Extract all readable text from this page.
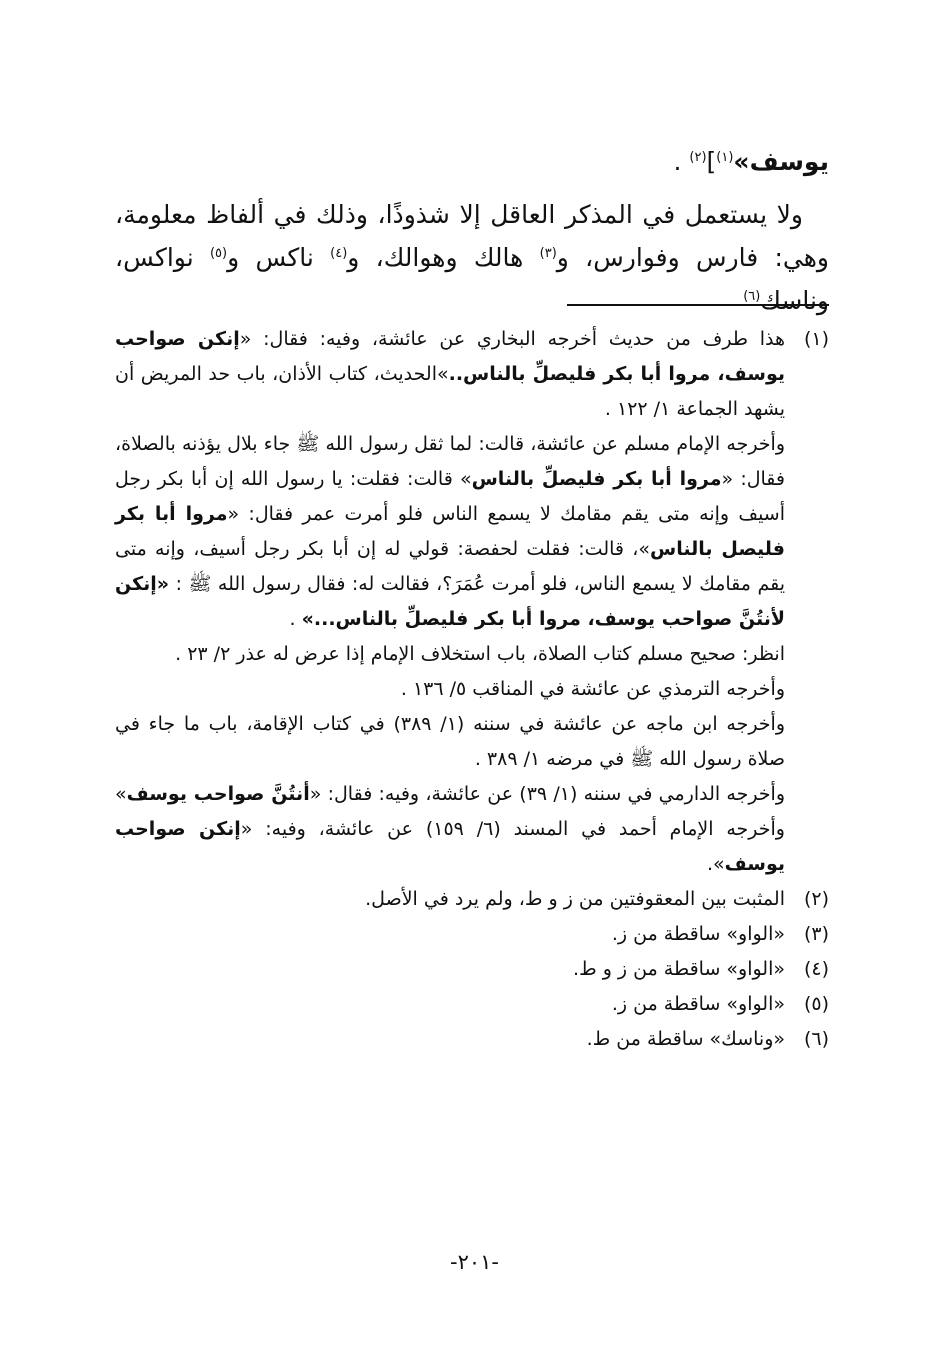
يوسف»$^{(١)}$]$^{(٢)}$ .

ولا يستعمل في المذكر العاقل إلا شذوذًا، وذلك في ألفاظ معلومة، وهي: فارس وفوارس، و$^{(٣)}$ هالك وهوالك، و$^{(٤)}$ ناكس و$^{(٥)}$ نواكس، وناسك$^{(٦)}$

(١)

هذا طرف من حديث أخرجه البخاري عن عائشة، وفيه: فقال: «إنكن صواحب يوسف، مروا أبا بكر فليصلِّ بالناس..»الحديث، كتاب الأذان، باب حد المريض أن يشهد الجماعة ١/ ١٢٢ .

وأخرجه الإمام مسلم عن عائشة، قالت: لما ثقل رسول الله ﷺ جاء بلال يؤذنه بالصلاة، فقال: «مروا أبا بكر فليصلِّ بالناس» قالت: فقلت: يا رسول الله إن أبا بكر رجل أسيف وإنه متى يقم مقامك لا يسمع الناس فلو أمرت عمر فقال: «مروا أبا بكر فليصل بالناس»، قالت: فقلت لحفصة: قولي له إن أبا بكر رجل أسيف، وإنه متى يقم مقامك لا يسمع الناس، فلو أمرت عُمَرَ؟، فقالت له: فقال رسول الله ﷺ : «إنكن لأنتُنَّ صواحب يوسف، مروا أبا بكر فليصلِّ بالناس...» .

انظر: صحيح مسلم كتاب الصلاة، باب استخلاف الإمام إذا عرض له عذر ٢/ ٢٣ .

وأخرجه الترمذي عن عائشة في المناقب ٥/ ١٣٦ .

وأخرجه ابن ماجه عن عائشة في سننه (١/ ٣٨٩) في كتاب الإقامة، باب ما جاء في صلاة رسول الله ﷺ في مرضه ١/ ٣٨٩ .

وأخرجه الدارمي في سننه (١/ ٣٩) عن عائشة، وفيه: فقال: «أنتُنَّ صواحب يوسف» وأخرجه الإمام أحمد في المسند (٦/ ١٥٩) عن عائشة، وفيه: «إنكن صواحب يوسف».

(٢)
المثبت بين المعقوفتين من ز و ط، ولم يرد في الأصل.
(٣)
«الواو» ساقطة من ز.
(٤)
«الواو» ساقطة من ز و ط.
(٥)
«الواو» ساقطة من ز.
(٦)
«وناسك» ساقطة من ط.
-٢٠١-
